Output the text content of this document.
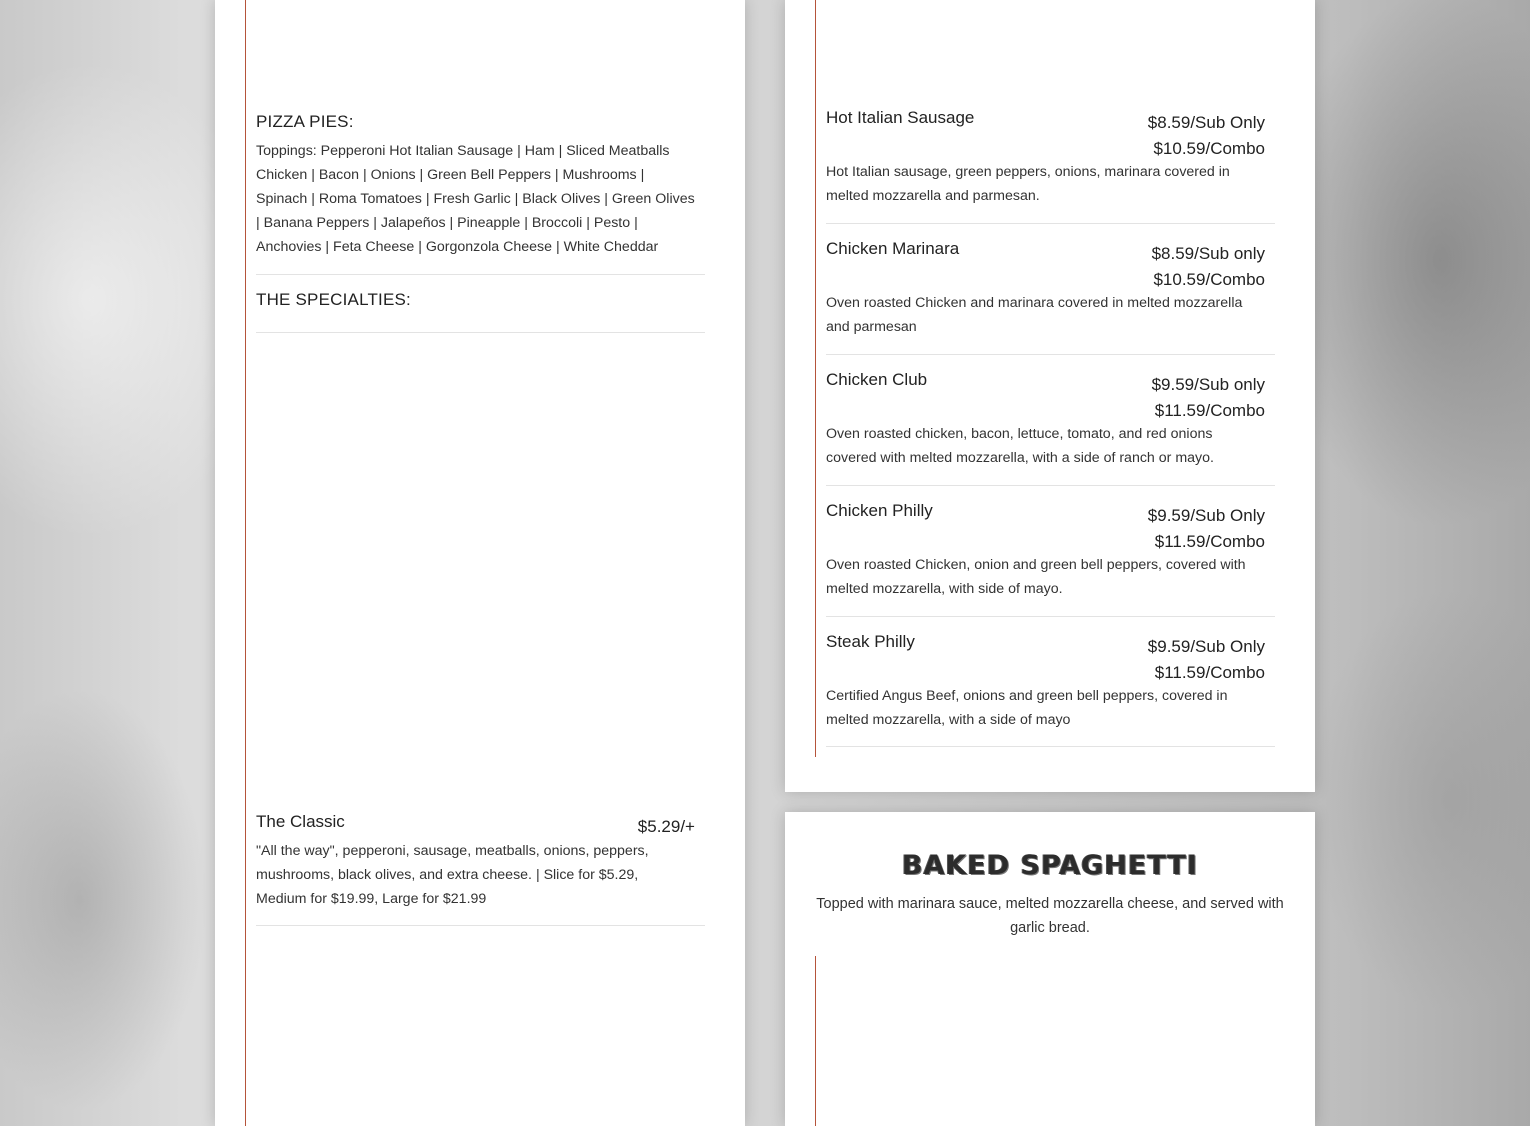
PIZZA PIES:
Toppings: Pepperoni Hot Italian Sausage | Ham | Sliced Meatballs Chicken | Bacon | Onions | Green Bell Peppers | Mushrooms | Spinach | Roma Tomatoes | Fresh Garlic | Black Olives | Green Olives | Banana Peppers | Jalapeños | Pineapple | Broccoli | Pesto | Anchovies | Feta Cheese | Gorgonzola Cheese | White Cheddar
THE SPECIALTIES:
The Classic	$5.29/+
"All the way", pepperoni, sausage, meatballs, onions, peppers, mushrooms, black olives, and extra cheese. | Slice for $5.29, Medium for $19.99, Large for $21.99
Hot Italian Sausage	$8.59/Sub Only
$10.59/Combo
Hot Italian sausage, green peppers, onions, marinara covered in melted mozzarella and parmesan.
Chicken Marinara	$8.59/Sub only
$10.59/Combo
Oven roasted Chicken and marinara covered in melted mozzarella and parmesan
Chicken Club	$9.59/Sub only
$11.59/Combo
Oven roasted chicken, bacon, lettuce, tomato, and red onions covered with melted mozzarella, with a side of ranch or mayo.
Chicken Philly	$9.59/Sub Only
$11.59/Combo
Oven roasted Chicken, onion and green bell peppers, covered with melted mozzarella, with side of mayo.
Steak Philly	$9.59/Sub Only
$11.59/Combo
Certified Angus Beef, onions and green bell peppers, covered in melted mozzarella, with a side of mayo
BAKED SPAGHETTI
Topped with marinara sauce, melted mozzarella cheese, and served with garlic bread.
